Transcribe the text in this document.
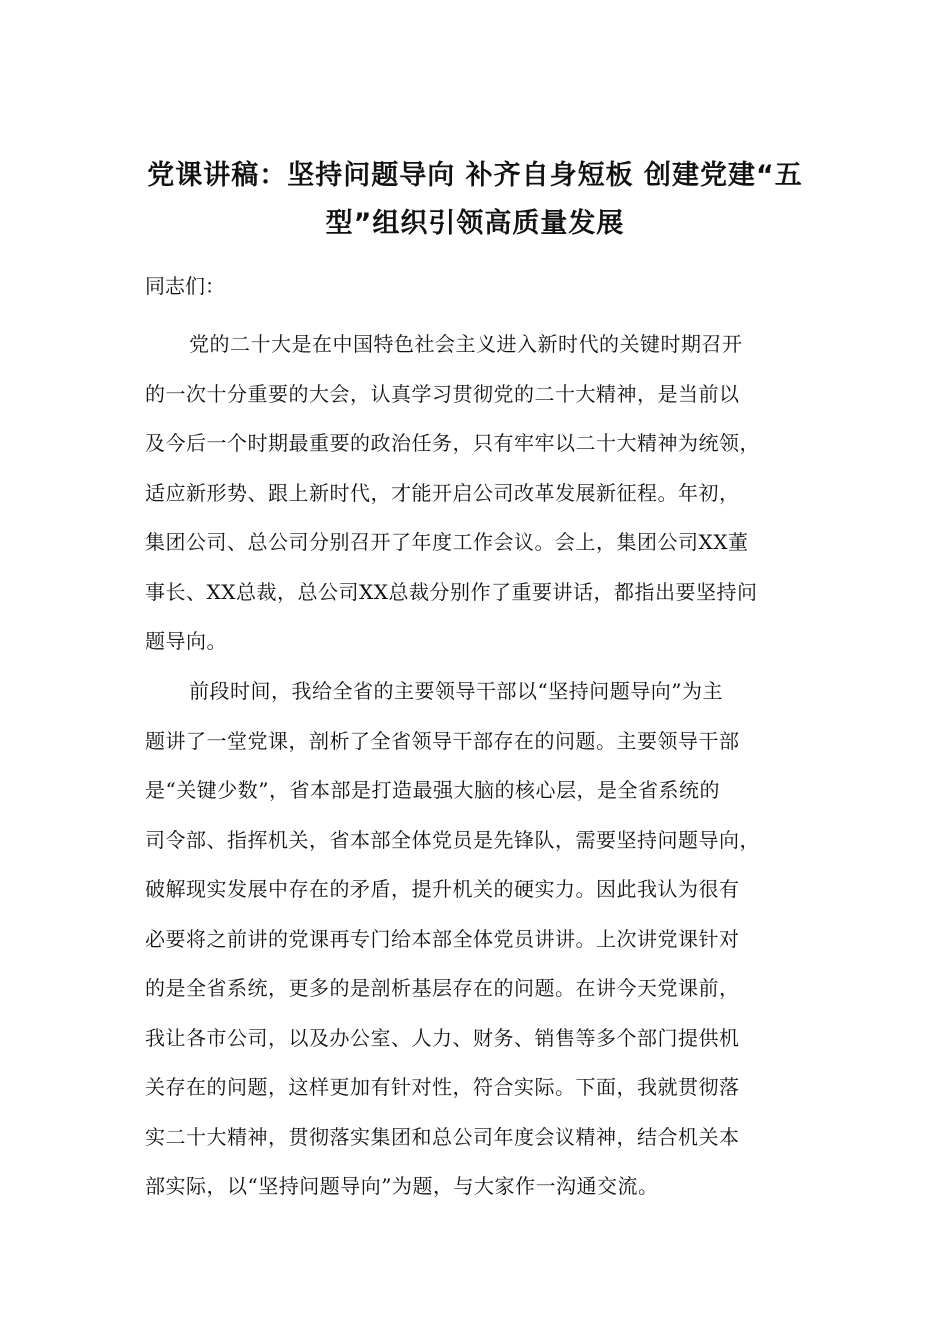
党课讲稿：坚持问题导向 补齐自身短板 创建党建“五
型”组织引领高质量发展

同志们：

党的二十大是在中国特色社会主义进入新时代的关键时期召开
的一次十分重要的大会，认真学习贯彻党的二十大精神，是当前以
及今后一个时期最重要的政治任务，只有牢牢以二十大精神为统领，
适应新形势、跟上新时代，才能开启公司改革发展新征程。年初，
集团公司、总公司分别召开了年度工作会议。会上，集团公司XX董
事长、XX总裁，总公司XX总裁分别作了重要讲话，都指出要坚持问
题导向。

前段时间，我给全省的主要领导干部以“坚持问题导向”为主
题讲了一堂党课，剖析了全省领导干部存在的问题。主要领导干部
是“关键少数”，省本部是打造最强大脑的核心层，是全省系统的
司令部、指挥机关，省本部全体党员是先锋队，需要坚持问题导向，
破解现实发展中存在的矛盾，提升机关的硬实力。因此我认为很有
必要将之前讲的党课再专门给本部全体党员讲讲。上次讲党课针对
的是全省系统，更多的是剖析基层存在的问题。在讲今天党课前，
我让各市公司，以及办公室、人力、财务、销售等多个部门提供机
关存在的问题，这样更加有针对性，符合实际。下面，我就贯彻落
实二十大精神，贯彻落实集团和总公司年度会议精神，结合机关本
部实际，以“坚持问题导向”为题，与大家作一沟通交流。
